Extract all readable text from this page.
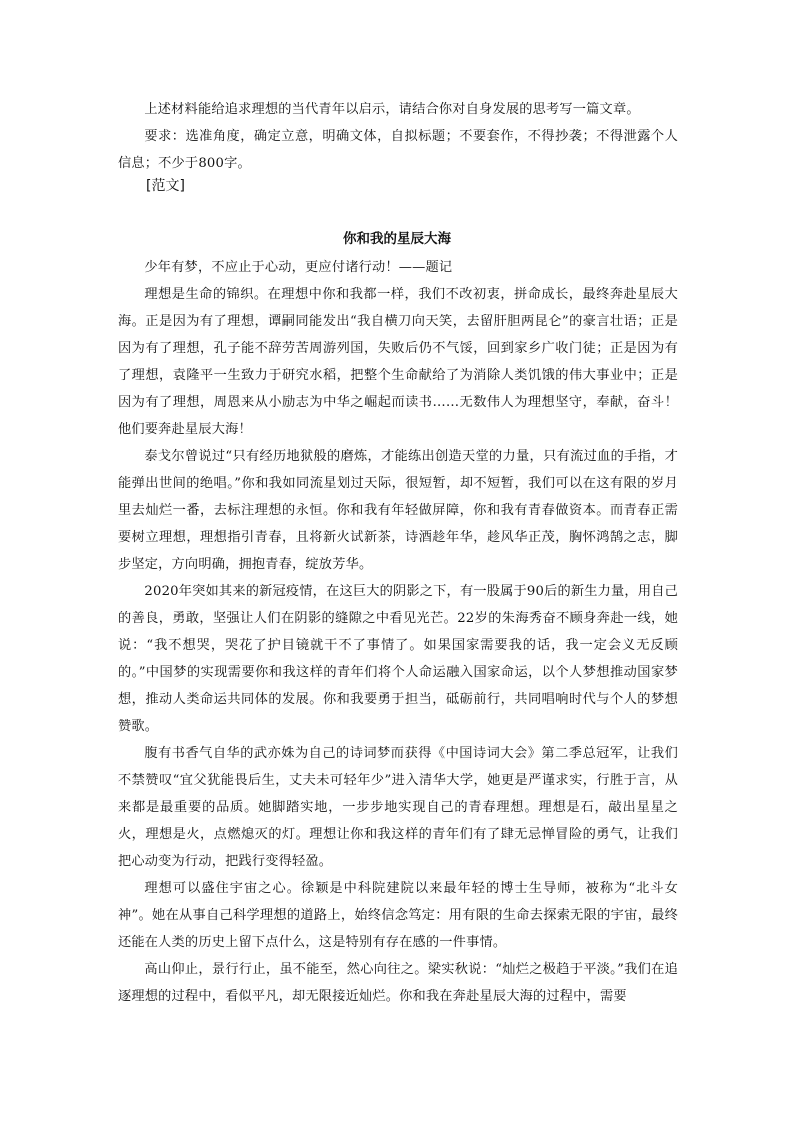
上述材料能给追求理想的当代青年以启示，请结合你对自身发展的思考写一篇文章。

要求：选准角度，确定立意，明确文体，自拟标题；不要套作，不得抄袭；不得泄露个人信息；不少于800字。

[范文]
你和我的星辰大海

少年有梦，不应止于心动，更应付诸行动！——题记

理想是生命的锦织。在理想中你和我都一样，我们不改初衷，拼命成长，最终奔赴星辰大海。正是因为有了理想，谭嗣同能发出“我自横刀向天笑，去留肝胆两昆仑”的豪言壮语；正是因为有了理想，孔子能不辞劳苦周游列国，失败后仍不气馁，回到家乡广收门徒；正是因为有了理想，袁隆平一生致力于研究水稻，把整个生命献给了为消除人类饥饿的伟大事业中；正是因为有了理想，周恩来从小励志为中华之崛起而读书……无数伟人为理想坚守，奉献，奋斗！他们要奔赴星辰大海！

泰戈尔曾说过“只有经历地狱般的磨炼，才能练出创造天堂的力量，只有流过血的手指，才能弹出世间的绝唱。”你和我如同流星划过天际，很短暂，却不短暂，我们可以在这有限的岁月里去灿烂一番，去标注理想的永恒。你和我有年轻做屏障，你和我有青春做资本。而青春正需要树立理想，理想指引青春，且将新火试新茶，诗酒趁年华，趁风华正茂，胸怀鸿鹄之志，脚步坚定，方向明确，拥抱青春，绽放芳华。

2020年突如其来的新冠疫情，在这巨大的阴影之下，有一股属于90后的新生力量，用自己的善良，勇敢，坚强让人们在阴影的缝隙之中看见光芒。22岁的朱海秀奋不顾身奔赴一线，她说：“我不想哭，哭花了护目镜就干不了事情了。如果国家需要我的话，我一定会义无反顾的。”中国梦的实现需要你和我这样的青年们将个人命运融入国家命运，以个人梦想推动国家梦想，推动人类命运共同体的发展。你和我要勇于担当，砥砺前行，共同唱响时代与个人的梦想赞歌。

腹有书香气自华的武亦姝为自己的诗词梦而获得《中国诗词大会》第二季总冠军，让我们不禁赞叹“宜父犹能畏后生，丈夫未可轻年少”进入清华大学，她更是严谨求实，行胜于言，从来都是最重要的品质。她脚踏实地，一步步地实现自己的青春理想。理想是石，敲出星星之火，理想是火，点燃熄灭的灯。理想让你和我这样的青年们有了肆无忌惮冒险的勇气，让我们把心动变为行动，把践行变得轻盈。

理想可以盛住宇宙之心。徐颖是中科院建院以来最年轻的博士生导师，被称为“北斗女神”。她在从事自己科学理想的道路上，始终信念笃定：用有限的生命去探索无限的宇宙，最终还能在人类的历史上留下点什么，这是特别有存在感的一件事情。

高山仰止，景行行止，虽不能至，然心向往之。梁实秋说：“灿烂之极趋于平淡。”我们在追逐理想的过程中，看似平凡，却无限接近灿烂。你和我在奔赴星辰大海的过程中，需要
